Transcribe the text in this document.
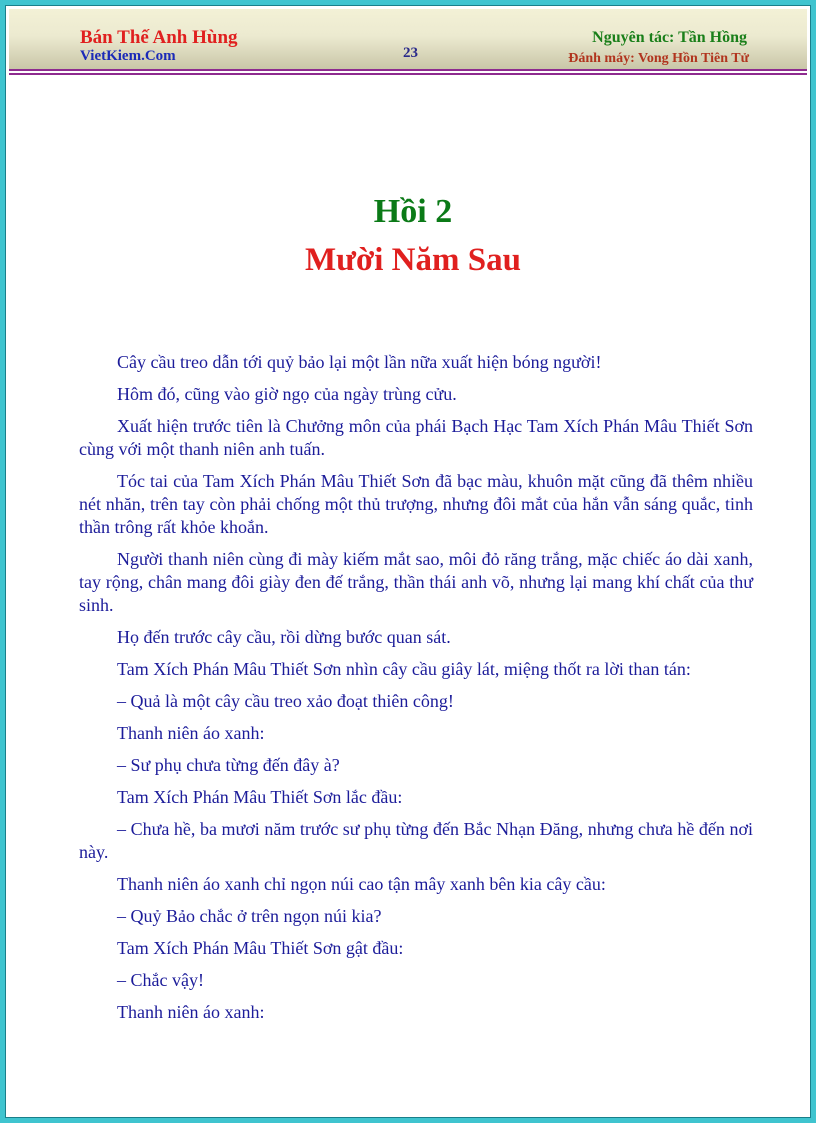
Bán Thế Anh Hùng
VietKiem.Com	23
Nguyên tác: Tần Hồng
Đánh máy: Vong Hồn Tiên Tử
Hồi 2
Mười Năm Sau

Cây cầu treo dẫn tới quỷ bảo lại một lần nữa xuất hiện bóng người!

Hôm đó, cũng vào giờ ngọ của ngày trùng cửu.

Xuất hiện trước tiên là Chưởng môn của phái Bạch Hạc Tam Xích Phán Mâu Thiết Sơn cùng với một thanh niên anh tuấn.

Tóc tai của Tam Xích Phán Mâu Thiết Sơn đã bạc màu, khuôn mặt cũng đã thêm nhiều nét nhăn, trên tay còn phải chống một thủ trượng, nhưng đôi mắt của hắn vẫn sáng quắc, tinh thần trông rất khỏe khoắn.

Người thanh niên cùng đi mày kiếm mắt sao, môi đỏ răng trắng, mặc chiếc áo dài xanh, tay rộng, chân mang đôi giày đen đế trắng, thần thái anh võ, nhưng lại mang khí chất của thư sinh.

Họ đến trước cây cầu, rồi dừng bước quan sát.

Tam Xích Phán Mâu Thiết Sơn nhìn cây cầu giây lát, miệng thốt ra lời than tán:

– Quả là một cây cầu treo xảo đoạt thiên công!

Thanh niên áo xanh:

– Sư phụ chưa từng đến đây à?

Tam Xích Phán Mâu Thiết Sơn lắc đầu:

– Chưa hề, ba mươi năm trước sư phụ từng đến Bắc Nhạn Đăng, nhưng chưa hề đến nơi này.

Thanh niên áo xanh chỉ ngọn núi cao tận mây xanh bên kia cây cầu:

– Quỷ Bảo chắc ở trên ngọn núi kia?

Tam Xích Phán Mâu Thiết Sơn gật đầu:

– Chắc vậy!

Thanh niên áo xanh:
